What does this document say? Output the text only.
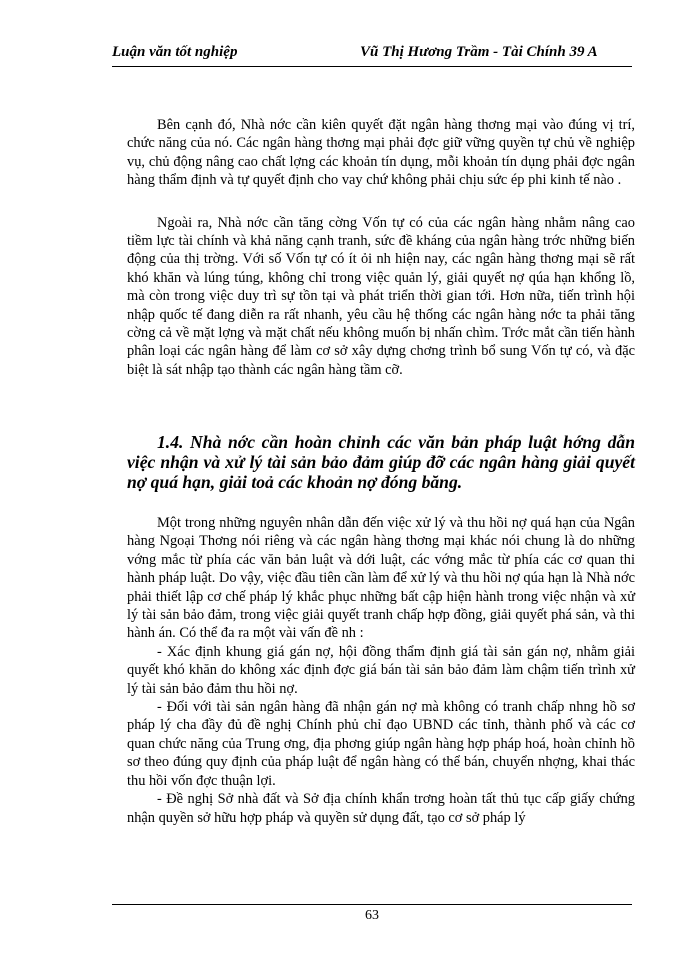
Luận văn tốt nghiệp	Vũ Thị Hương Trầm - Tài Chính 39 A

Bên cạnh đó, Nhà nớc cần kiên quyết đặt ngân hàng thơng mại vào đúng vị trí, chức năng của nó. Các ngân hàng thơng mại phải đợc giữ vững quyền tự chủ về nghiệp vụ, chủ động nâng cao chất lợng các khoản tín dụng, mỗi khoản tín dụng phải đợc ngân hàng thẩm định và tự quyết định cho vay chứ không phải chịu sức ép phi kinh tế nào .

Ngoài ra, Nhà nớc cần tăng cờng Vốn tự có của các ngân hàng nhằm nâng cao tiềm lực tài chính và khả năng cạnh tranh, sức đề kháng của ngân hàng trớc những biến động của thị trờng. Với số Vốn tự có ít ỏi nh hiện nay, các ngân hàng thơng mại sẽ rất khó khăn và lúng túng, không chỉ trong việc quản lý, giải quyết nợ qúa hạn khổng lồ, mà còn trong việc duy trì sự tồn tại và phát triển thời gian tới. Hơn nữa, tiến trình hội nhập quốc tế đang diễn ra rất nhanh, yêu cầu hệ thống các ngân hàng nớc ta phải tăng cờng cả về mặt lợng và mặt chất nếu không muốn bị nhấn chìm. Trớc mắt cần tiến hành phân loại các ngân hàng để làm cơ sở xây dựng chơng trình bổ sung Vốn tự có, và đặc biệt là sát nhập tạo thành các ngân hàng tầm cỡ.

1.4. Nhà nớc cần hoàn chỉnh các văn bản pháp luật hớng dẫn việc nhận và xử lý tài sản bảo đảm giúp đỡ các ngân hàng giải quyết nợ quá hạn, giải toả các khoản nợ đóng băng.

Một trong những nguyên nhân dẫn đến việc xử lý và thu hồi nợ quá hạn của Ngân hàng Ngoại Thơng nói riêng và các ngân hàng thơng mại khác nói chung là do những vớng mắc từ phía các văn bản luật và dới luật, các vớng mắc từ phía các cơ quan thi hành pháp luật. Do vậy, việc đầu tiên cần làm để xử lý và thu hồi nợ qúa hạn là Nhà nớc phải thiết lập cơ chế pháp lý khắc phục những bất cập hiện hành trong việc nhận và xử lý tài sản bảo đảm, trong việc giải quyết tranh chấp hợp đồng, giải quyết phá sản, và thi hành án. Có thể đa ra một vài vấn đề nh :

- Xác định khung giá gán nợ, hội đồng thẩm định giá tài sản gán nợ, nhằm giải quyết khó khăn do không xác định đợc giá bán tài sản bảo đảm làm chậm tiến trình xử lý tài sản bảo đảm thu hồi nợ.

- Đối với tài sản ngân hàng đã nhận gán nợ mà không có tranh chấp nhng hồ sơ pháp lý cha đầy đủ đề nghị Chính phủ chỉ đạo UBND các tỉnh, thành phố và các cơ quan chức năng của Trung ơng, địa phơng giúp ngân hàng hợp pháp hoá, hoàn chỉnh hồ sơ theo đúng quy định của pháp luật để ngân hàng có thể bán, chuyển nhợng, khai thác thu hồi vốn đợc thuận lợi.

- Đề nghị Sở nhà đất và Sở địa chính khẩn trơng hoàn tất thủ tục cấp giấy chứng nhận quyền sở hữu hợp pháp và quyền sử dụng đất, tạo cơ sở pháp lý

63
